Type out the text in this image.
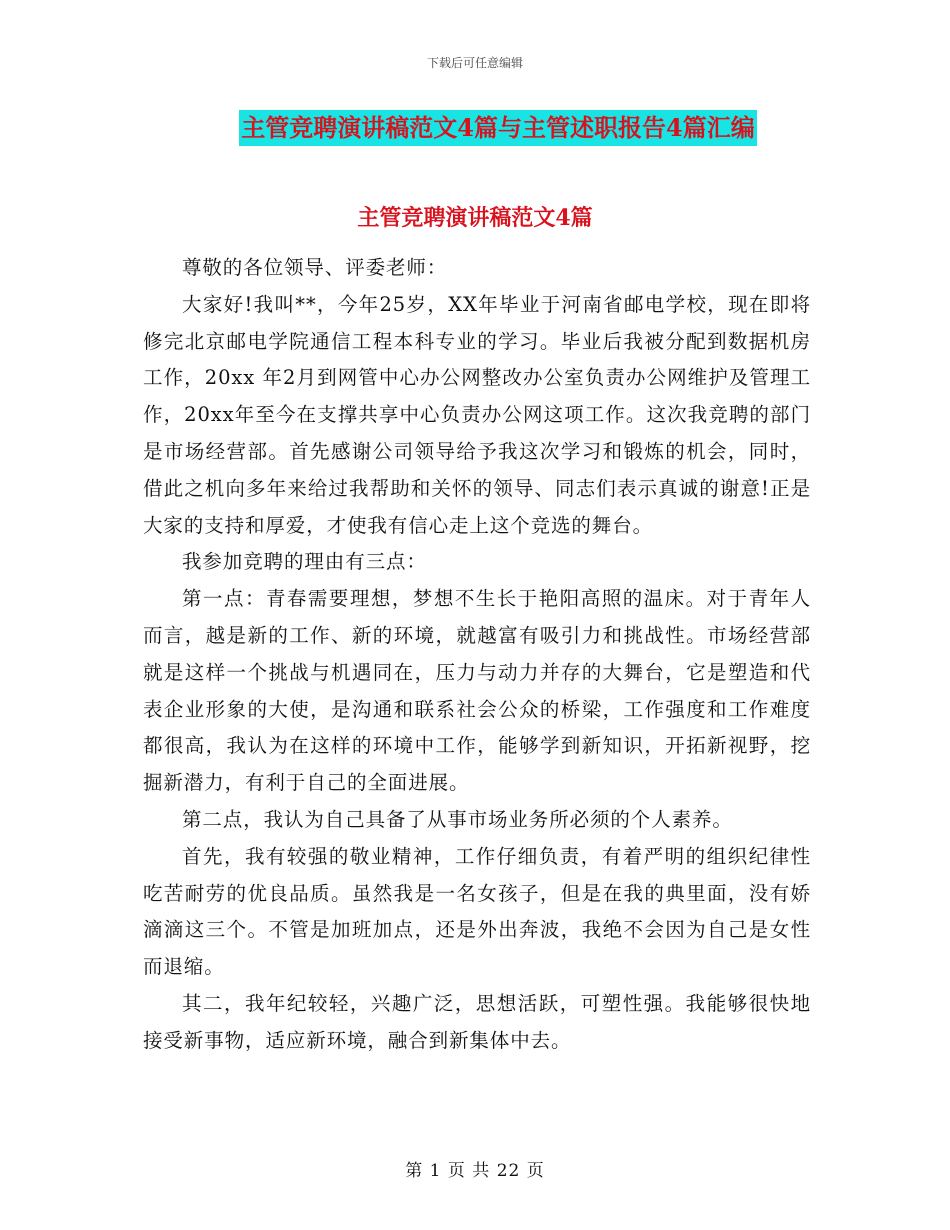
下载后可任意编辑
主管竞聘演讲稿范文4篇与主管述职报告4篇汇编
主管竞聘演讲稿范文4篇

尊敬的各位领导、评委老师：

大家好!我叫**，今年25岁，XX年毕业于河南省邮电学校，现在即将修完北京邮电学院通信工程本科专业的学习。毕业后我被分配到数据机房工作，20xx 年2月到网管中心办公网整改办公室负责办公网维护及管理工作，20xx年至今在支撑共享中心负责办公网这项工作。这次我竞聘的部门是市场经营部。首先感谢公司领导给予我这次学习和锻炼的机会，同时，借此之机向多年来给过我帮助和关怀的领导、同志们表示真诚的谢意!正是大家的支持和厚爱，才使我有信心走上这个竞选的舞台。

我参加竞聘的理由有三点：

第一点：青春需要理想，梦想不生长于艳阳高照的温床。对于青年人而言，越是新的工作、新的环境，就越富有吸引力和挑战性。市场经营部就是这样一个挑战与机遇同在，压力与动力并存的大舞台，它是塑造和代表企业形象的大使，是沟通和联系社会公众的桥梁，工作强度和工作难度都很高，我认为在这样的环境中工作，能够学到新知识，开拓新视野，挖掘新潜力，有利于自己的全面进展。

第二点，我认为自己具备了从事市场业务所必须的个人素养。

首先，我有较强的敬业精神，工作仔细负责，有着严明的组织纪律性吃苦耐劳的优良品质。虽然我是一名女孩子，但是在我的典里面，没有娇滴滴这三个。不管是加班加点，还是外出奔波，我绝不会因为自己是女性而退缩。

其二，我年纪较轻，兴趣广泛，思想活跃，可塑性强。我能够很快地接受新事物，适应新环境，融合到新集体中去。

第 1 页 共 22 页
